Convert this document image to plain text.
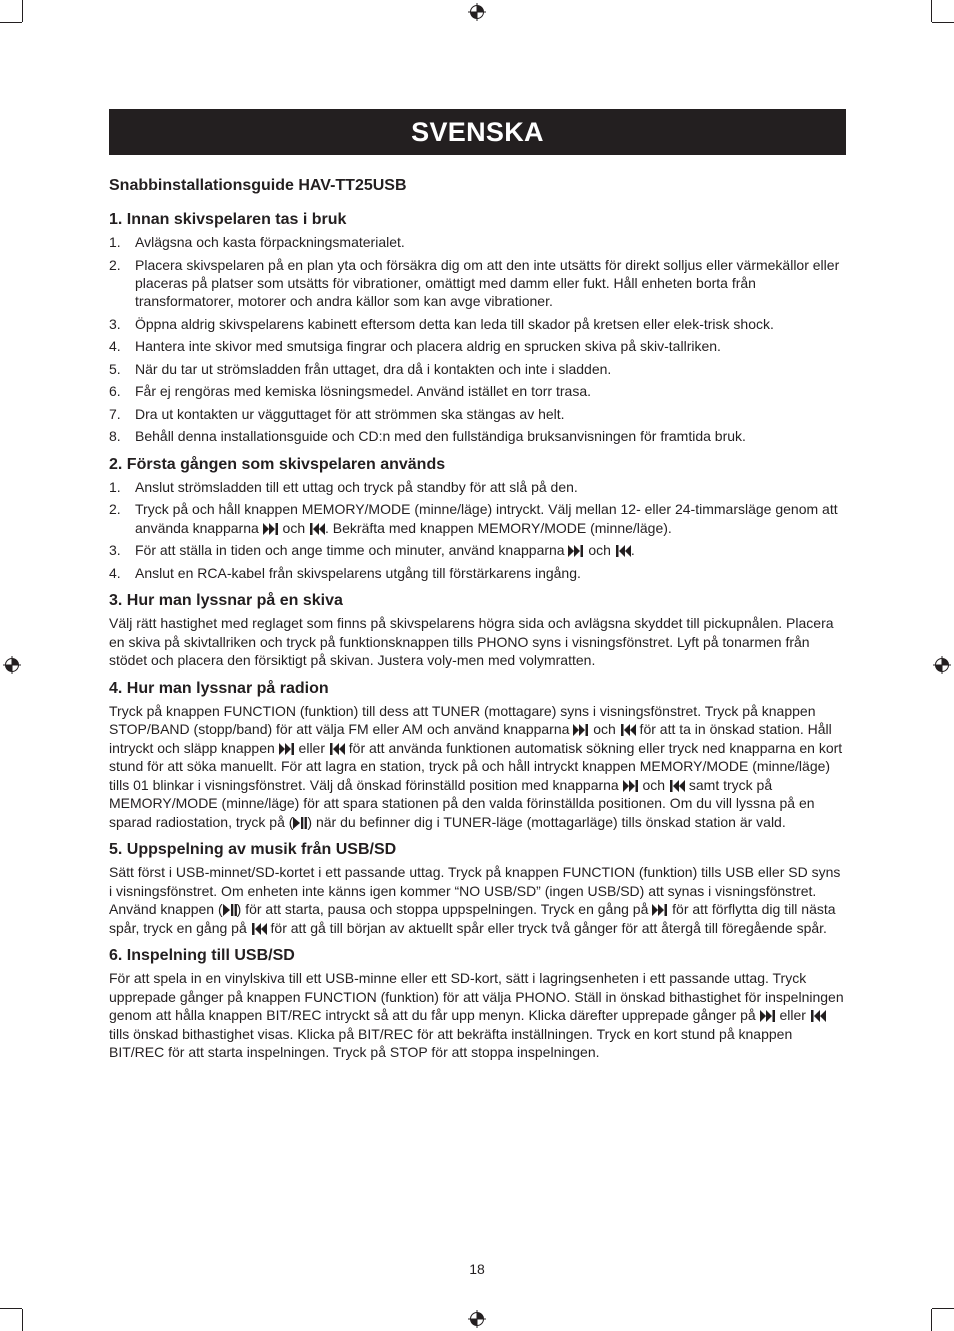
SVENSKA
Snabbinstallationsguide HAV-TT25USB
1. Innan skivspelaren tas i bruk
1. Avlägsna och kasta förpackningsmaterialet.
2. Placera skivspelaren på en plan yta och försäkra dig om att den inte utsätts för direkt solljus eller värmekällor eller placeras på platser som utsätts för vibrationer, omättigt med damm eller fukt. Håll enheten borta från transformatorer, motorer och andra källor som kan avge vibrationer.
3. Öppna aldrig skivspelarens kabinett eftersom detta kan leda till skador på kretsen eller elek-trisk shock.
4. Hantera inte skivor med smutsiga fingrar och placera aldrig en sprucken skiva på skiv-tallriken.
5. När du tar ut strömsladden från uttaget, dra då i kontakten och inte i sladden.
6. Får ej rengöras med kemiska lösningsmedel. Använd istället en torr trasa.
7. Dra ut kontakten ur vägguttaget för att strömmen ska stängas av helt.
8. Behåll denna installationsguide och CD:n med den fullständiga bruksanvisningen för framtida bruk.
2. Första gången som skivspelaren används
1. Anslut strömsladden till ett uttag och tryck på standby för att slå på den.
2. Tryck på och håll knappen MEMORY/MODE (minne/läge) intryckt. Välj mellan 12- eller 24-timmarsläge genom att använda knapparna  och . Bekräfta med knappen MEMORY/MODE (minne/läge).
3. För att ställa in tiden och ange timme och minuter, använd knapparna  och .
4. Anslut en RCA-kabel från skivspelarens utgång till förstärkarens ingång.
3. Hur man lyssnar på en skiva

Välj rätt hastighet med reglaget som finns på skivspelarens högra sida och avlägsna skyddet till pickupnålen. Placera en skiva på skivtallriken och tryck på funktionsknappen tills PHONO syns i visningsfönstret. Lyft på tonarmen från stödet och placera den försiktigt på skivan. Justera voly-men med volymratten.

4. Hur man lyssnar på radion

Tryck på knappen FUNCTION (funktion) till dess att TUNER (mottagare) syns i visningsfönstret. Tryck på knappen STOP/BAND (stopp/band) för att välja FM eller AM och använd knapparna  och  för att ta in önskad station. Håll intryckt och släpp knappen  eller  för att använda funktionen automatisk sökning eller tryck ned knapparna en kort stund för att söka manuellt. För att lagra en station, tryck på och håll intryckt knappen MEMORY/MODE (minne/läge) tills 01 blinkar i visningsfönstret. Välj då önskad förinställd position med knapparna  och  samt tryck på MEMORY/MODE (minne/läge) för att spara stationen på den valda förinställda positionen. Om du vill lyssna på en sparad radiostation, tryck på ( ) när du befinner dig i TUNER-läge (mottagarläge) tills önskad station är vald.

5. Uppspelning av musik från USB/SD

Sätt först i USB-minnet/SD-kortet i ett passande uttag. Tryck på knappen FUNCTION (funktion) tills USB eller SD syns i visningsfönstret. Om enheten inte känns igen kommer “NO USB/SD” (ingen USB/SD) att synas i visningsfönstret. Använd knappen ( ) för att starta, pausa och stoppa uppspelningen. Tryck en gång på  för att förflytta dig till nästa spår, tryck en gång på  för att gå till början av aktuellt spår eller tryck två gånger för att återgå till föregående spår.

6. Inspelning till USB/SD

För att spela in en vinylskiva till ett USB-minne eller ett SD-kort, sätt i lagringsenheten i ett passande uttag. Tryck upprepade gånger på knappen FUNCTION (funktion) för att välja PHONO. Ställ in önskad bithastighet för inspelningen genom att hålla knappen BIT/REC intryckt så att du får upp menyn. Klicka därefter upprepade gånger på  eller  tills önskad bithastighet visas. Klicka på BIT/REC för att bekräfta inställningen. Tryck en kort stund på knappen BIT/REC för att starta inspelningen. Tryck på STOP för att stoppa inspelningen.

18
